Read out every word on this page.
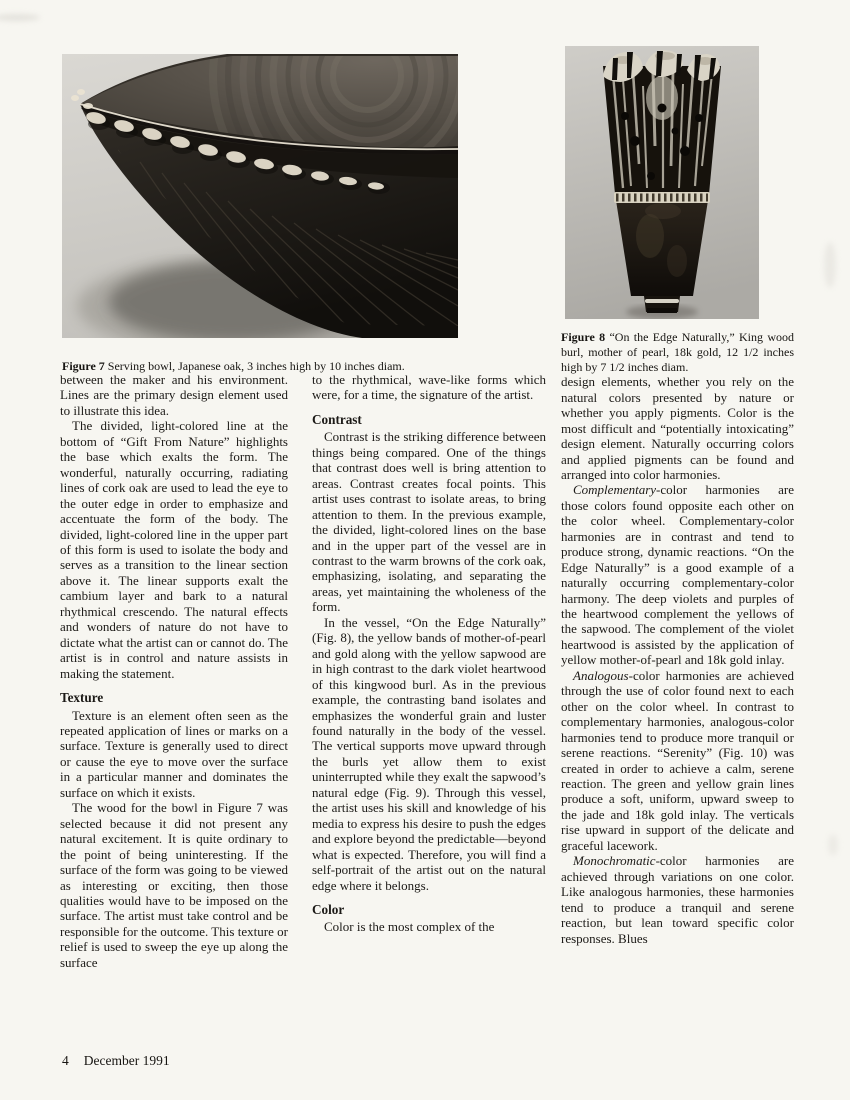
Figure 7 Serving bowl, Japanese oak, 3 inches high by 10 inches diam.

between the maker and his environment. Lines are the primary design element used to illustrate this idea.

The divided, light-colored line at the bottom of “Gift From Nature” highlights the base which exalts the form. The wonderful, naturally occurring, radiating lines of cork oak are used to lead the eye to the outer edge in order to emphasize and accentuate the form of the body. The divided, light-colored line in the upper part of this form is used to isolate the body and serves as a transition to the linear section above it. The linear supports exalt the cambium layer and bark to a natural rhythmical crescendo. The natural effects and wonders of nature do not have to dictate what the artist can or cannot do. The artist is in control and nature assists in making the statement.

Texture

Texture is an element often seen as the repeated application of lines or marks on a surface. Texture is generally used to direct or cause the eye to move over the surface in a particular manner and dominates the surface on which it exists.

The wood for the bowl in Figure 7 was selected because it did not present any natural excitement. It is quite ordinary to the point of being uninteresting. If the surface of the form was going to be viewed as interesting or exciting, then those qualities would have to be imposed on the surface. The artist must take control and be responsible for the outcome. This texture or relief is used to sweep the eye up along the surface

to the rhythmical, wave-like forms which were, for a time, the signature of the artist.

Contrast

Contrast is the striking difference between things being compared. One of the things that contrast does well is bring attention to areas. Contrast creates focal points. This artist uses contrast to isolate areas, to bring attention to them. In the previous example, the divided, light-colored lines on the base and in the upper part of the vessel are in contrast to the warm browns of the cork oak, emphasizing, isolating, and separating the areas, yet maintaining the wholeness of the form.

In the vessel, “On the Edge Naturally” (Fig. 8), the yellow bands of mother-of-pearl and gold along with the yellow sapwood are in high contrast to the dark violet heartwood of this kingwood burl. As in the previous example, the contrasting band isolates and emphasizes the wonderful grain and luster found naturally in the body of the vessel. The vertical supports move upward through the burls yet allow them to exist uninterrupted while they exalt the sapwood’s natural edge (Fig. 9). Through this vessel, the artist uses his skill and knowledge of his media to express his desire to push the edges and explore beyond the predictable—beyond what is expected. Therefore, you will find a self-portrait of the artist out on the natural edge where it belongs.

Color

Color is the most complex of the

Figure 8 “On the Edge Naturally,” King wood burl, mother of pearl, 18k gold, 12 1/2 inches high by 7 1/2 inches diam.

design elements, whether you rely on the natural colors presented by nature or whether you apply pigments. Color is the most difficult and “potentially intoxicating” design element. Naturally occurring colors and applied pigments can be found and arranged into color harmonies.

Complementary-color harmonies are those colors found opposite each other on the color wheel. Complementary-color harmonies are in contrast and tend to produce strong, dynamic reactions. “On the Edge Naturally” is a good example of a naturally occurring complementary-color harmony. The deep violets and purples of the heartwood complement the yellows of the sapwood. The complement of the violet heartwood is assisted by the application of yellow mother-of-pearl and 18k gold inlay.

Analogous-color harmonies are achieved through the use of color found next to each other on the color wheel. In contrast to complementary harmonies, analogous-color harmonies tend to produce more tranquil or serene reactions. “Serenity” (Fig. 10) was created in order to achieve a calm, serene reaction. The green and yellow grain lines produce a soft, uniform, upward sweep to the jade and 18k gold inlay. The verticals rise upward in support of the delicate and graceful lacework.

Monochromatic-color harmonies are achieved through variations on one color. Like analogous harmonies, these harmonies tend to produce a tranquil and serene reaction, but lean toward specific color responses. Blues

4 December 1991
